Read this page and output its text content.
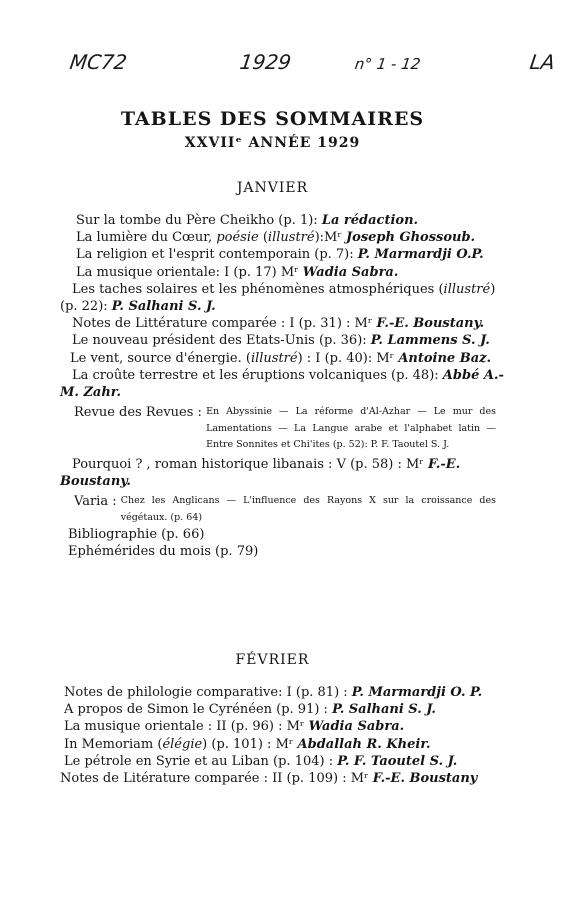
ⅯⅭ72	1929	n° 1 - 12	LA
TABLES DES SOMMAIRES
XXVIIᵉ ANNÉE 1929
JANVIER

Sur la tombe du Père Cheikho (p. 1): La rédaction.

La lumière du Cœur, poésie (illustré):Mʳ Joseph Ghossoub.

La religion et l'esprit contemporain (p. 7): P. Marmardji O.P.

La musique orientale: I (p. 17) Mʳ Wadia Sabra.

Les taches solaires et les phénomènes atmosphériques (illustré)

(p. 22): P. Salhani S. J.

Notes de Littérature comparée : I (p. 31) : Mʳ F.-E. Boustany.

Le nouveau président des Etats-Unis (p. 36): P. Lammens S. J.

Le vent, source d'énergie. (illustré) : I (p. 40): Mʳ Antoine Baz.

La croûte terrestre et les éruptions volcaniques (p. 48): Abbé A.-

M. Zahr.

Revue des Revues : En Abyssinie — La réforme d'Al-Azhar — Le mur des Lamentations — La Langue arabe et l'alphabet latin — Entre Sonnites et Chi'ites (p. 52): P. F. Taoutel S. J.

Pourquoi ? , roman historique libanais : V (p. 58) : Mʳ F.-E.

Boustany.

Varia : Chez les Anglicans — L'influence des Rayons X sur la croissance des végétaux. (p. 64)

Bibliographie (p. 66)

Ephémérides du mois (p. 79)

FÉVRIER

Notes de philologie comparative: I (p. 81) : P. Marmardji O. P.

A propos de Simon le Cyrénéen (p. 91) : P. Salhani S. J.

La musique orientale : II (p. 96) : Mʳ Wadia Sabra.

In Memoriam (élégie) (p. 101) : Mʳ Abdallah R. Kheir.

Le pétrole en Syrie et au Liban (p. 104) : P. F. Taoutel S. J.

Notes de Litérature comparée : II (p. 109) : Mʳ F.-E. Boustany
